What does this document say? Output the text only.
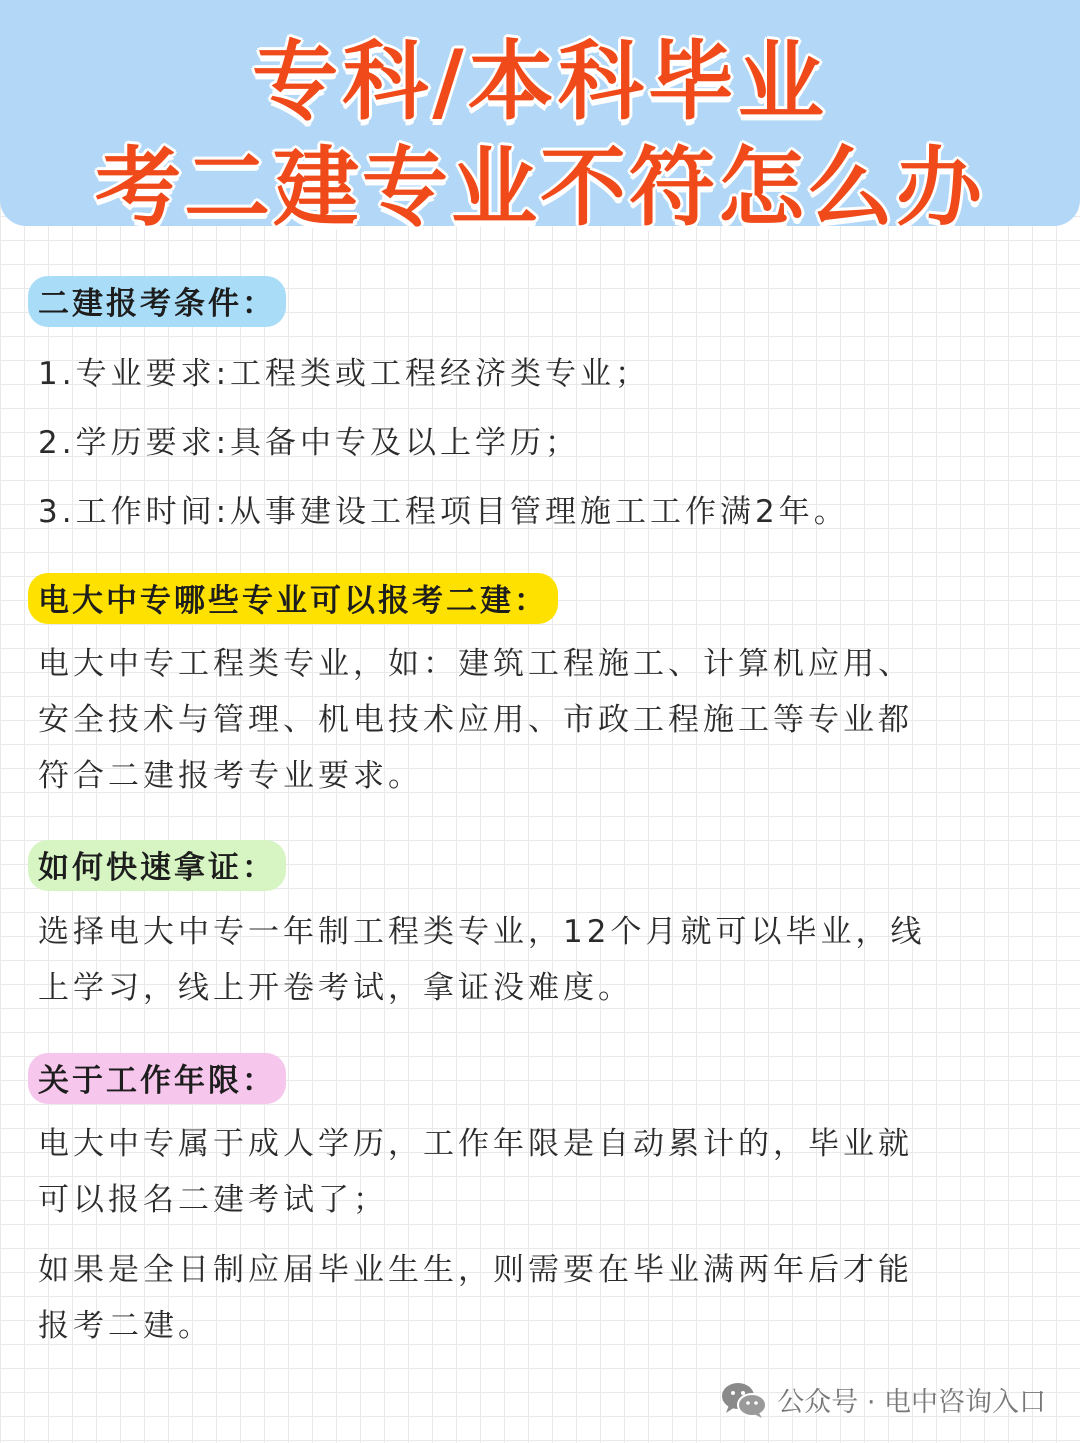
专科/本科毕业
考二建专业不符怎么办
二建报考条件：
1.专业要求:工程类或工程经济类专业；
2.学历要求:具备中专及以上学历；
3.工作时间:从事建设工程项目管理施工工作满2年。
电大中专哪些专业可以报考二建：
电大中专工程类专业，如：建筑工程施工、计算机应用、
安全技术与管理、机电技术应用、市政工程施工等专业都
符合二建报考专业要求。
如何快速拿证：
选择电大中专一年制工程类专业，12个月就可以毕业，线
上学习，线上开卷考试，拿证没难度。
关于工作年限：
电大中专属于成人学历，工作年限是自动累计的，毕业就
可以报名二建考试了；
如果是全日制应届毕业生生，则需要在毕业满两年后才能
报考二建。
公众号 · 电中咨询入口
